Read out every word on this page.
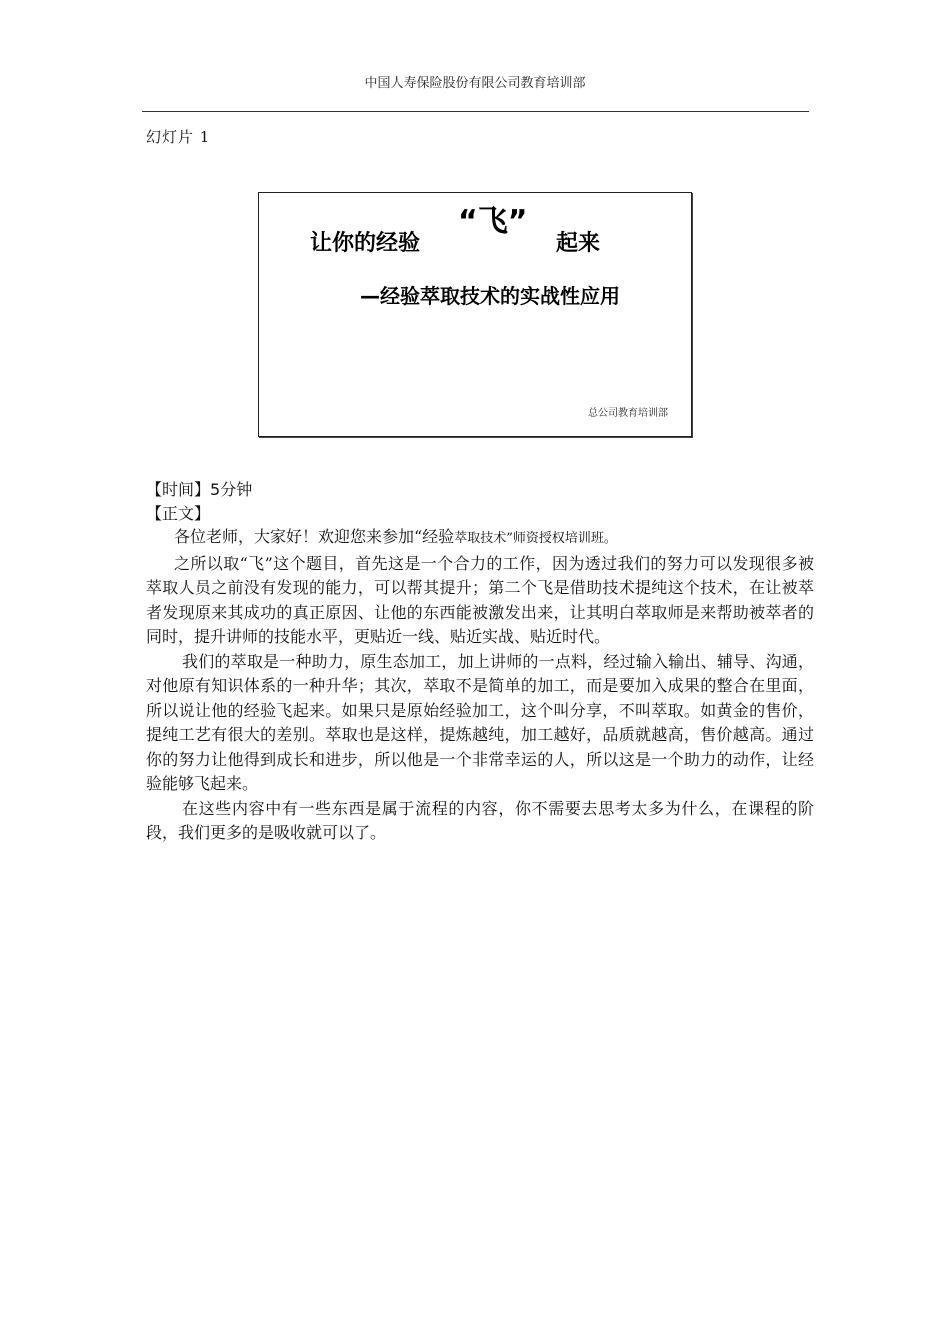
中国人寿保险股份有限公司教育培训部
幻灯片 1
让你的经验
“飞”
起来
—经验萃取技术的实战性应用
总公司教育培训部
【时间】5分钟
【正文】

各位老师，大家好！欢迎您来参加“经验萃取技术”师资授权培训班。

之所以取“飞”这个题目，首先这是一个合力的工作，因为透过我们的努力可以发现很多被萃取人员之前没有发现的能力，可以帮其提升；第二个飞是借助技术提纯这个技术，在让被萃者发现原来其成功的真正原因、让他的东西能被激发出来，让其明白萃取师是来帮助被萃者的同时，提升讲师的技能水平，更贴近一线、贴近实战、贴近时代。

我们的萃取是一种助力，原生态加工，加上讲师的一点料，经过输入输出、辅导、沟通，对他原有知识体系的一种升华；其次，萃取不是简单的加工，而是要加入成果的整合在里面，所以说让他的经验飞起来。如果只是原始经验加工，这个叫分享，不叫萃取。如黄金的售价，提纯工艺有很大的差别。萃取也是这样，提炼越纯，加工越好，品质就越高，售价越高。通过你的努力让他得到成长和进步，所以他是一个非常幸运的人，所以这是一个助力的动作，让经验能够飞起来。

在这些内容中有一些东西是属于流程的内容，你不需要去思考太多为什么，在课程的阶段，我们更多的是吸收就可以了。
